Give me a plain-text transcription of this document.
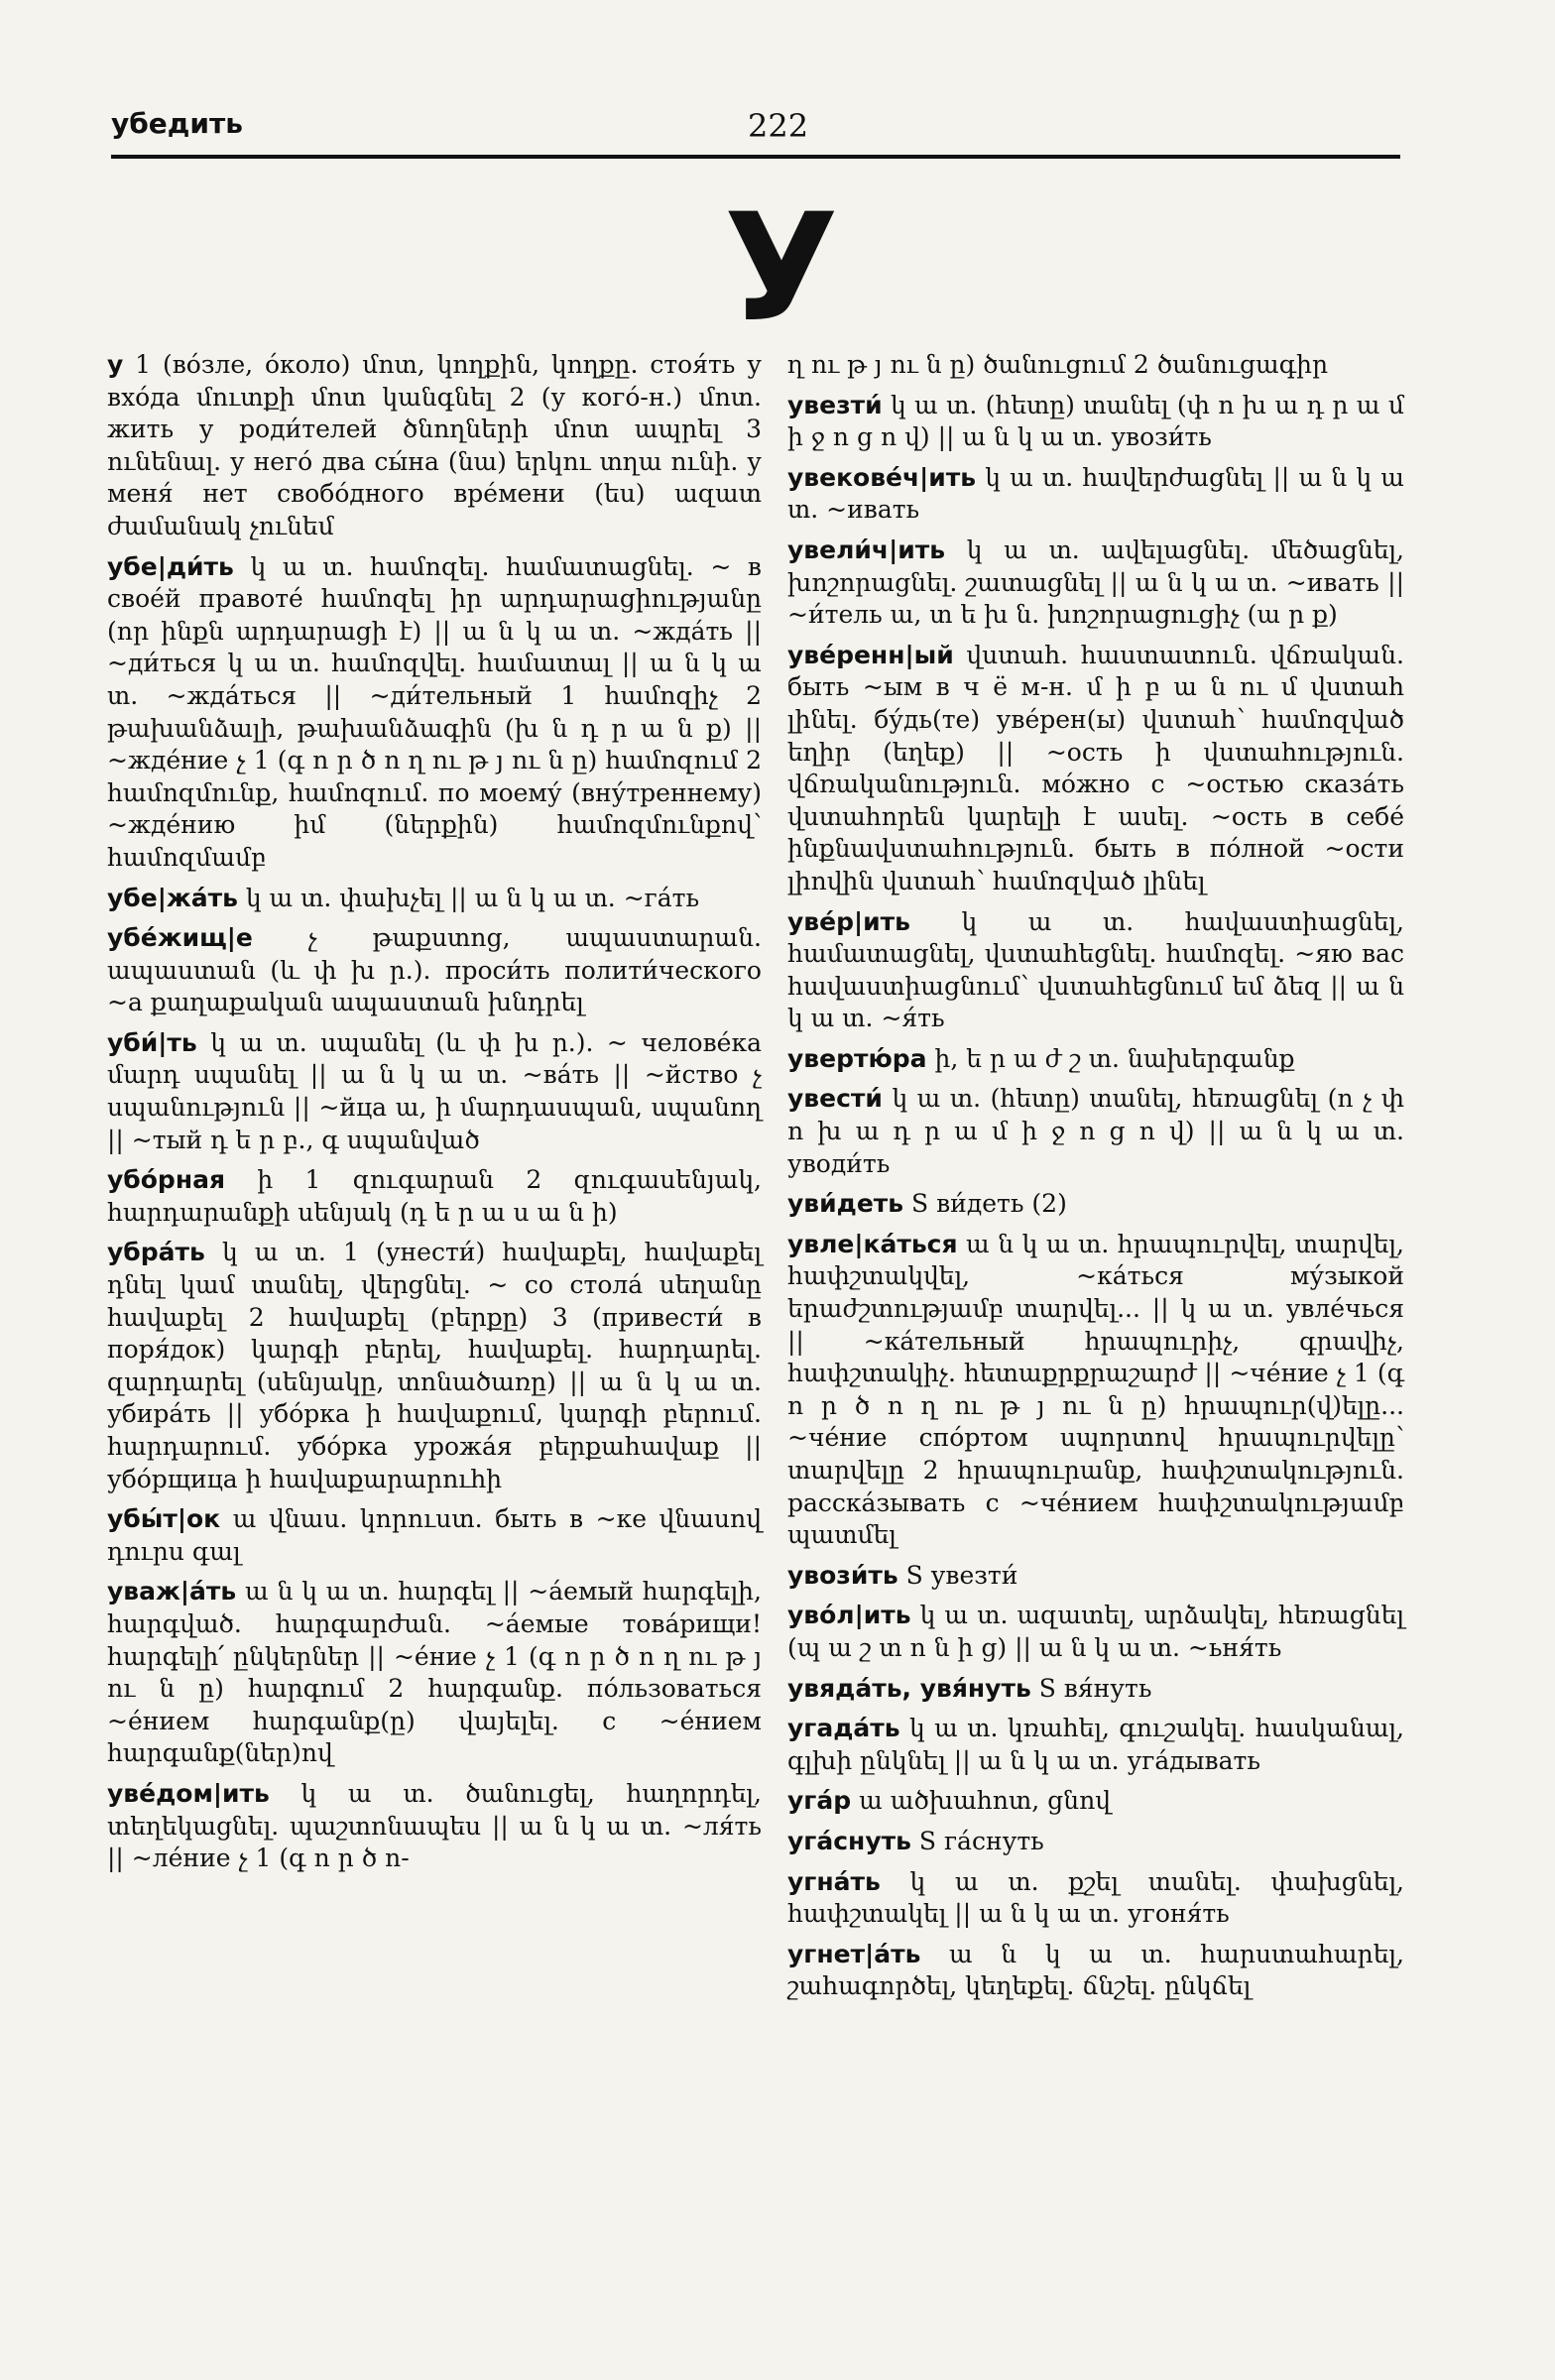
убедить	222
У
у 1 (вóзле, óколо) մոտ, կողքին, կողքը. стоя́ть у вхóда մուտքի մոտ կանգնել 2 (у когó-н.) մոտ. жить у роди́телей ծնողների մոտ ապրել 3 ունենալ. у негó два сы́на (նա) երկու տղա ունի. у меня́ нет свобóдного врéмени (ես) ազատ ժամանակ չունեմ
убе|ди́ть կ ա տ. համոզել. համատացնել. ~ в своéй правотé համոզել իր արդարացիությանը (որ ինքն արդարացի է) || ա ն կ ա տ. ~жда́ть || ~ди́ться կ ա տ. համոզվել. համատալ || ա ն կ ա տ. ~жда́ться || ~ди́тельный 1 համոզիչ 2 թախանձալի, թախանձագին (խ ն դ ր ա ն ք) || ~жде́ние չ 1 (գ ո ր ծ ո ղ ու թ յ ու ն ը) համոզում 2 համոզմունք, համոզում. по моему́ (вну́треннему) ~жде́нию իմ (ներքին) համոզմունքով՝ համոզմամբ
убе|жа́ть կ ա տ. փախչել || ա ն կ ա տ. ~га́ть
убе́жищ|е չ թաքստոց, ապաստարան. ապաստան (և փ խ ր.). проси́ть полити́ческого ~а քաղաքական ապաստան խնդրել
уби́|ть կ ա տ. սպանել (և փ խ ր.). ~ человéка մարդ սպանել || ա ն կ ա տ. ~ва́ть || ~йство չ սպանություն || ~йца ա, ի մարդասպան, սպանող || ~тый դ ե ր բ., գ սպանված
убóрная ի 1 զուգարան 2 զուգասենյակ, հարդարանքի սենյակ (դ ե ր ա ս ա ն ի)
убра́ть կ ա տ. 1 (унести́) հավաքել, հավաքել դնել կամ տանել, վերցնել. ~ со столá սեղանը հավաքել 2 հավաքել (բերքը) 3 (привести́ в поря́док) կարգի բերել, հավաքել. հարդարել. զարդարել (սենյակը, տոնածառը) || ա ն կ ա տ. убира́ть || убóрка ի հավաքում, կարգի բերում. հարդարում. убóрка урожа́я բերքահավաք || убóрщица ի հավաքարարուհի
убы́т|ок ա վնաս. կորուստ. быть в ~ке վնասով դուրս գալ
уваж|а́ть ա ն կ ա տ. հարգել || ~а́емый հարգելի, հարգված. հարգարժան. ~а́емые това́рищи! հարգելի՛ ընկերներ || ~е́ние չ 1 (գ ո ր ծ ո ղ ու թ յ ու ն ը) հարգում 2 հարգանք. пóльзоваться ~е́нием հարգանք(ը) վայելել. с ~е́нием հարգանք(ներ)ով
уве́дом|ить կ ա տ. ծանուցել, հաղորդել, տեղեկացնել. պաշտոնապես || ա ն կ ա տ. ~ля́ть || ~ле́ние չ 1 (գ ո ր ծ ո-
ղ ու թ յ ու ն ը) ծանուցում 2 ծանուցագիր
увезти́ կ ա տ. (հետը) տանել (փ ո խ ա դ ր ա մ ի ջ ո ց ո վ) || ա ն կ ա տ. увози́ть
увекове́ч|ить կ ա տ. հավերժացնել || ա ն կ ա տ. ~ивать
увели́ч|ить կ ա տ. ավելացնել. մեծացնել, խոշորացնել. շատացնել || ա ն կ ա տ. ~ивать || ~и́тель ա, տ ե խ ն. խոշորացուցիչ (ա ր ք)
увéренн|ый վստահ. հաստատուն. վճռական. быть ~ым в ч ё м-н. մ ի բ ա ն ու մ վստահ լինել. бу́дь(те) увéрен(ы) վստահ՝ համոզված եղիր (եղեք) || ~ость ի վստահություն. վճռականություն. мóжно с ~остью сказа́ть վստահորեն կարելի է ասել. ~ость в себé ինքնավստահություն. быть в пóлной ~ости լիովին վստահ՝ համոզված լինել
увéр|ить կ ա տ. հավաստիացնել, համատացնել, վստահեցնել. համոզել. ~яю вас հավաստիացնում՝ վստահեցնում եմ ձեզ || ա ն կ ա տ. ~я́ть
увертю́ра ի, ե ր ա ժ շ տ. նախերգանք
увести́ կ ա տ. (հետը) տանել, հեռացնել (ո չ փ ո խ ա դ ր ա մ ի ջ ո ց ո վ) || ա ն կ ա տ. уводи́ть
уви́деть S ви́деть (2)
увле|ка́ться ա ն կ ա տ. հրապուրվել, տարվել, հափշտակվել, ~ка́ться му́зыкой երաժշտությամբ տարվել... || կ ա տ. увлéчься || ~ка́тельный հրապուրիչ, գրավիչ, հափշտակիչ. հետաքրքրաշարժ || ~че́ние չ 1 (գ ո ր ծ ո ղ ու թ յ ու ն ը) հրապուր(վ)ելը... ~че́ние спóртом սպորտով հրապուրվելը՝ տարվելը 2 հրապուրանք, հափշտակություն. расска́зывать с ~че́нием հափշտակությամբ պատմել
увози́ть S увезти́
уво́л|ить կ ա տ. ազատել, արձակել, հեռացնել (պ ա շ տ ո ն ի ց) || ա ն կ ա տ. ~ьня́ть
увяда́ть, увя́нуть S вя́нуть
угада́ть կ ա տ. կռահել, գուշակել. հասկանալ, գլխի ընկնել || ա ն կ ա տ. уга́дывать
уга́р ա ածխահոտ, ցնով
уга́снуть S га́снуть
угна́ть կ ա տ. քշել տանել. փախցնել, հափշտակել || ա ն կ ա տ. угоня́ть
угнет|а́ть ա ն կ ա տ. հարստահարել, շահագործել, կեղեքել. ճնշել. ընկճել
